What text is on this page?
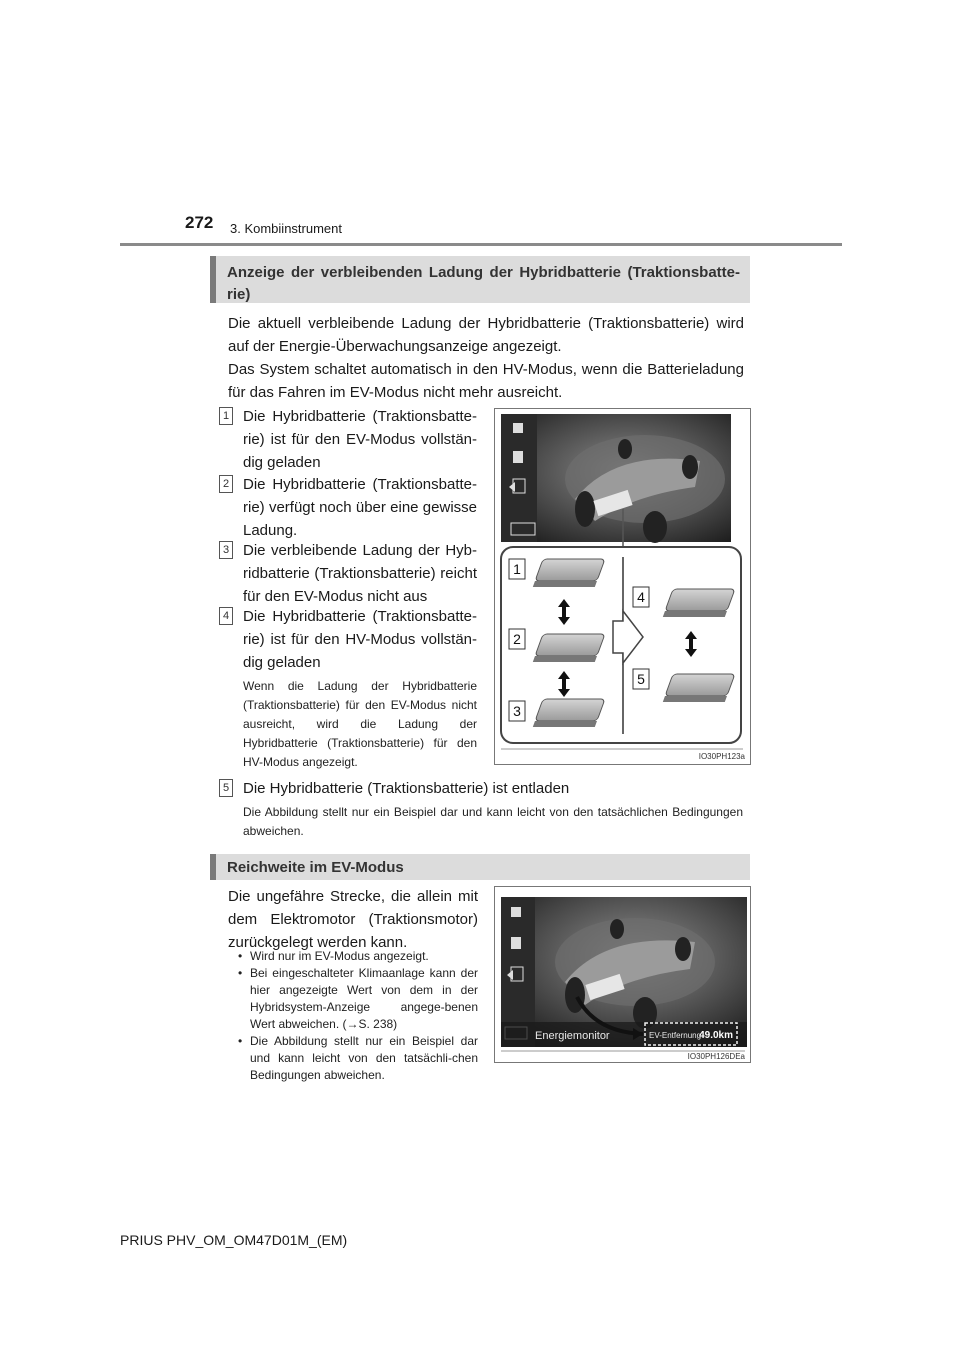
272 3. Kombiinstrument
Anzeige der verbleibenden Ladung der Hybridbatterie (Traktionsbatte-rie)
Die aktuell verbleibende Ladung der Hybridbatterie (Traktionsbatterie) wird auf der Energie-Überwachungsanzeige angezeigt.
Das System schaltet automatisch in den HV-Modus, wenn die Batterieladung für das Fahren im EV-Modus nicht mehr ausreicht.
1 Die Hybridbatterie (Traktionsbatte-rie) ist für den EV-Modus vollstän-dig geladen
2 Die Hybridbatterie (Traktionsbatte-rie) verfügt noch über eine gewisse Ladung.
3 Die verbleibende Ladung der Hyb-ridbatterie (Traktionsbatterie) reicht für den EV-Modus nicht aus
4 Die Hybridbatterie (Traktionsbatte-rie) ist für den HV-Modus vollstän-dig geladen
Wenn die Ladung der Hybridbatterie (Traktionsbatterie) für den EV-Modus nicht ausreicht, wird die Ladung der Hybridbatterie (Traktionsbatterie) für den HV-Modus angezeigt.
5 Die Hybridbatterie (Traktionsbatterie) ist entladen
Die Abbildung stellt nur ein Beispiel dar und kann leicht von den tatsächlichen Bedingungen abweichen.
1
2
3
4
5
IO30PH123a
Reichweite im EV-Modus
Die ungefähre Strecke, die allein mit dem Elektromotor (Traktionsmotor) zurückgelegt werden kann.
• Wird nur im EV-Modus angezeigt.
• Bei eingeschalteter Klimaanlage kann der hier angezeigte Wert von dem in der Hybridsystem-Anzeige angege-benen Wert abweichen. (→S. 238)
• Die Abbildung stellt nur ein Beispiel dar und kann leicht von den tatsächli-chen Bedingungen abweichen.
Energiemonitor	EV-Entfernung
49.0km
IO30PH126DEa
PRIUS PHV_OM_OM47D01M_(EM)
